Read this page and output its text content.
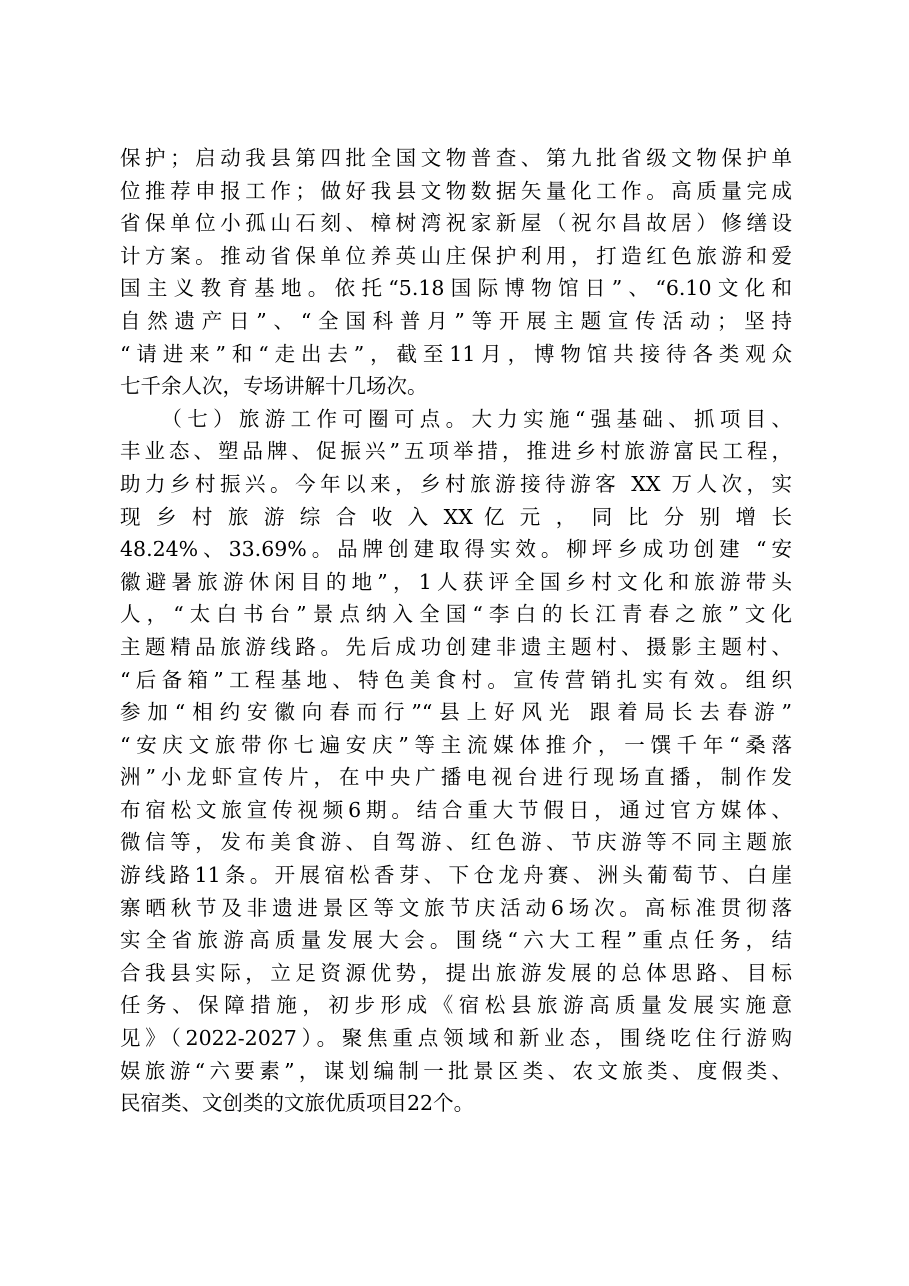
保护；启动我县第四批全国文物普查、第九批省级文物保护单
位推荐申报工作；做好我县文物数据矢量化工作。高质量完成
省保单位小孤山石刻、樟树湾祝家新屋（祝尔昌故居）修缮设
计方案。推动省保单位养英山庄保护利用，打造红色旅游和爱
国主义教育基地。依托“5.18国际博物馆日”、“6.10文化和
自然遗产日”、“全国科普月”等开展主题宣传活动；坚持
“请进来”和“走出去”，截至11月，博物馆共接待各类观众
七千余人次，专场讲解十几场次。
　　（七）旅游工作可圈可点。大力实施“强基础、抓项目、
丰业态、塑品牌、促振兴”五项举措，推进乡村旅游富民工程，
助力乡村振兴。今年以来，乡村旅游接待游客 XX 万人次，实
现 乡 村 旅 游 综 合 收 入 XX 亿 元 ， 同 比 分 别 增 长
48.24%、33.69%。品牌创建取得实效。柳坪乡成功创建 “安
徽避暑旅游休闲目的地”，1人获评全国乡村文化和旅游带头
人，“太白书台”景点纳入全国“李白的长江青春之旅”文化
主题精品旅游线路。先后成功创建非遗主题村、摄影主题村、
“后备箱”工程基地、特色美食村。宣传营销扎实有效。组织
参加“相约安徽向春而行”“县上好风光 跟着局长去春游”
“安庆文旅带你七遍安庆”等主流媒体推介，一馔千年“桑落
洲”小龙虾宣传片，在中央广播电视台进行现场直播，制作发
布宿松文旅宣传视频6期。结合重大节假日，通过官方媒体、
微信等，发布美食游、自驾游、红色游、节庆游等不同主题旅
游线路11条。开展宿松香芽、下仓龙舟赛、洲头葡萄节、白崖
寨晒秋节及非遗进景区等文旅节庆活动6场次。高标准贯彻落
实全省旅游高质量发展大会。围绕“六大工程”重点任务，结
合我县实际，立足资源优势，提出旅游发展的总体思路、目标
任务、保障措施，初步形成《宿松县旅游高质量发展实施意
见》（2022-2027）。聚焦重点领域和新业态，围绕吃住行游购
娱旅游“六要素”，谋划编制一批景区类、农文旅类、度假类、
民宿类、文创类的文旅优质项目22个。
